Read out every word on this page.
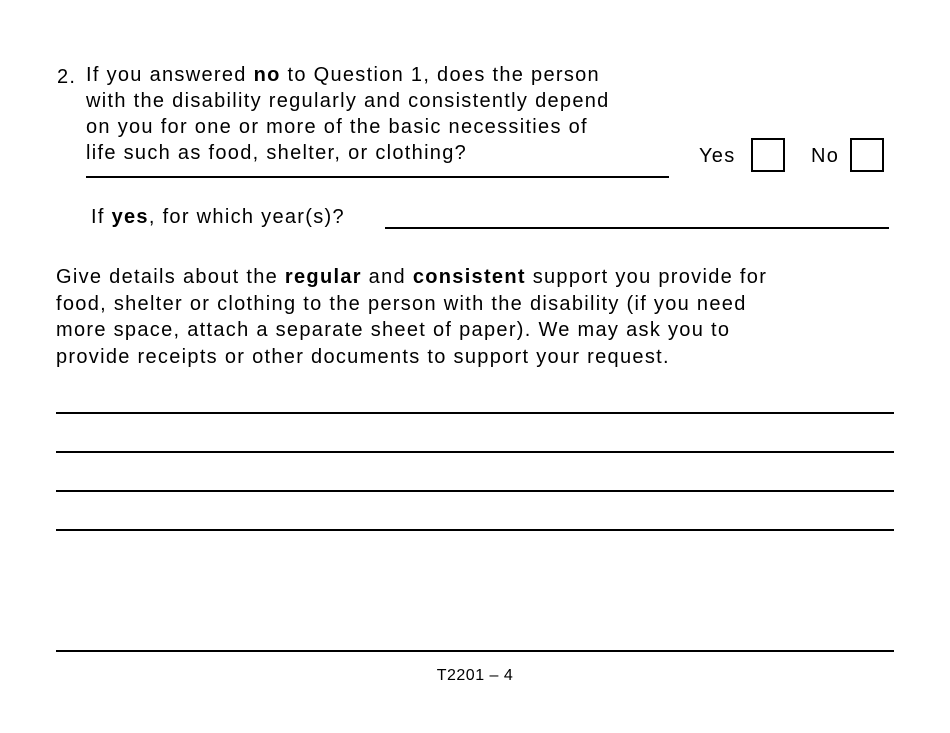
2. If you answered no to Question 1, does the person
with the disability regularly and consistently depend
on you for one or more of the basic necessities of
life such as food, shelter, or clothing?	Yes	No
If yes, for which year(s)?
Give details about the regular and consistent support you provide for
food, shelter or clothing to the person with the disability (if you need
more space, attach a separate sheet of paper). We may ask you to
provide receipts or other documents to support your request.
T2201 – 4
